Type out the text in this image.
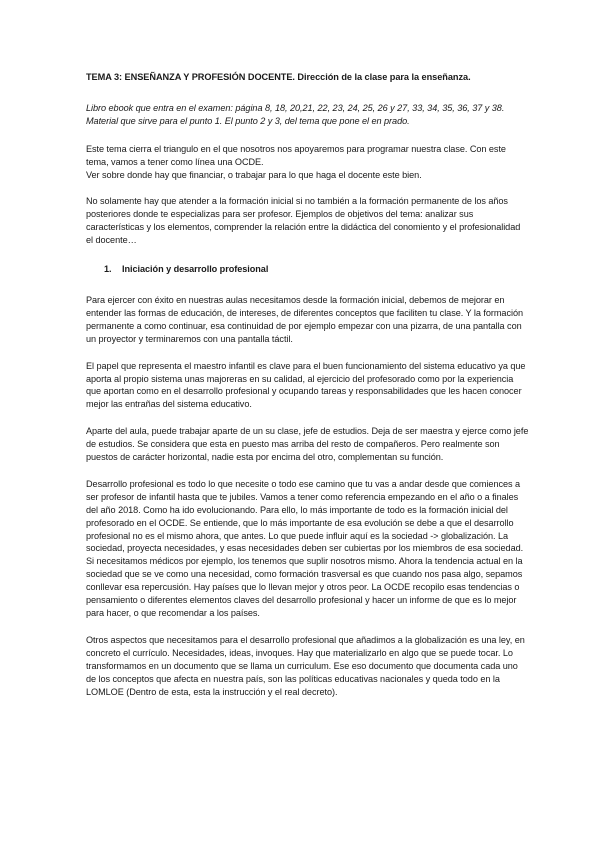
TEMA 3: ENSEÑANZA Y PROFESIÓN DOCENTE. Dirección de la clase para la enseñanza.

Libro ebook que entra en el examen: página 8, 18, 20,21, 22, 23, 24, 25, 26 y 27, 33, 34, 35, 36, 37 y 38. Material que sirve para el punto 1. El punto 2 y 3, del tema que pone el en prado.

Este tema cierra el triangulo en el que nosotros nos apoyaremos para programar nuestra clase. Con este tema, vamos a tener como línea una OCDE.
Ver sobre donde hay que financiar, o trabajar para lo que haga el docente este bien.

No solamente hay que atender a la formación inicial si no también a la formación permanente de los años posteriores donde te especializas para ser profesor. Ejemplos de objetivos del tema: analizar sus características y los elementos, comprender la relación entre la didáctica del conomiento y el profesionalidad el docente…

1. Iniciación y desarrollo profesional

Para ejercer con éxito en nuestras aulas necesitamos desde la formación inicial, debemos de mejorar en entender las formas de educación, de intereses, de diferentes conceptos que faciliten tu clase. Y la formación permanente a como continuar, esa continuidad de por ejemplo empezar con una pizarra, de una pantalla con un proyector y terminaremos con una pantalla táctil.

El papel que representa el maestro infantil es clave para el buen funcionamiento del sistema educativo ya que aporta al propio sistema unas majoreras en su calidad, al ejercicio del profesorado como por la experiencia que aportan como en el desarrollo profesional y ocupando tareas y responsabilidades que les hacen conocer mejor las entrañas del sistema educativo.

Aparte del aula, puede trabajar aparte de un su clase, jefe de estudios. Deja de ser maestra y ejerce como jefe de estudios. Se considera que esta en puesto mas arriba del resto de compañeros. Pero realmente son puestos de carácter horizontal, nadie esta por encima del otro, complementan su función.

Desarrollo profesional es todo lo que necesite o todo ese camino que tu vas a andar desde que comiences a ser profesor de infantil hasta que te jubiles. Vamos a tener como referencia empezando en el año o a finales del año 2018. Como ha ido evolucionando. Para ello, lo más importante de todo es la formación inicial del profesorado en el OCDE. Se entiende, que lo más importante de esa evolución se debe a que el desarrollo profesional no es el mismo ahora, que antes. Lo que puede influir aquí es la sociedad -> globalización. La sociedad, proyecta necesidades, y esas necesidades deben ser cubiertas por los miembros de esa sociedad. Si necesitamos médicos por ejemplo, los tenemos que suplir nosotros mismo. Ahora la tendencia actual en la sociedad que se ve como una necesidad, como formación trasversal es que cuando nos pasa algo, sepamos conllevar esa repercusión. Hay países que lo llevan mejor y otros peor. La OCDE recopilo esas tendencias o pensamiento o diferentes elementos claves del desarrollo profesional y hacer un informe de que es lo mejor para hacer, o que recomendar a los países.

Otros aspectos que necesitamos para el desarrollo profesional que añadimos a la globalización es una ley, en concreto el currículo. Necesidades, ideas, invoques. Hay que materializarlo en algo que se puede tocar. Lo transformamos en un documento que se llama un curriculum. Ese eso documento que documenta cada uno de los conceptos que afecta en nuestra país, son las políticas educativas nacionales y queda todo en la LOMLOE (Dentro de esta, esta la instrucción y el real decreto).
